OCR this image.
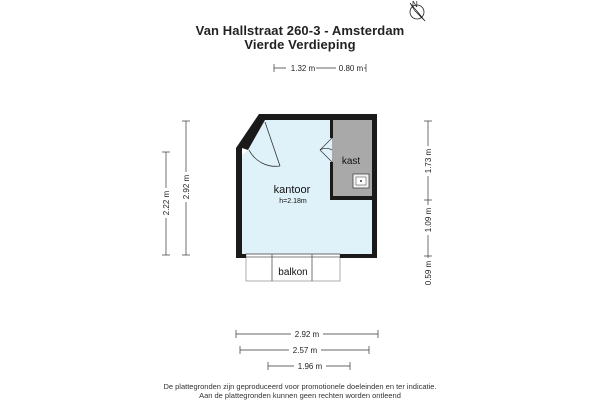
Van Hallstraat 260-3 - Amsterdam
Vierde Verdieping
N
kantoor
h=2.18m
kast
balkon
1.32 m	0.80 m
2.92 m
2.22 m
1.73 m
1.09 m
0.59 m
2.92 m
2.57 m
1.96 m
De plattegronden zijn geproduceerd voor promotionele doeleinden en ter indicatie.
Aan de plattegronden kunnen geen rechten worden ontleend
